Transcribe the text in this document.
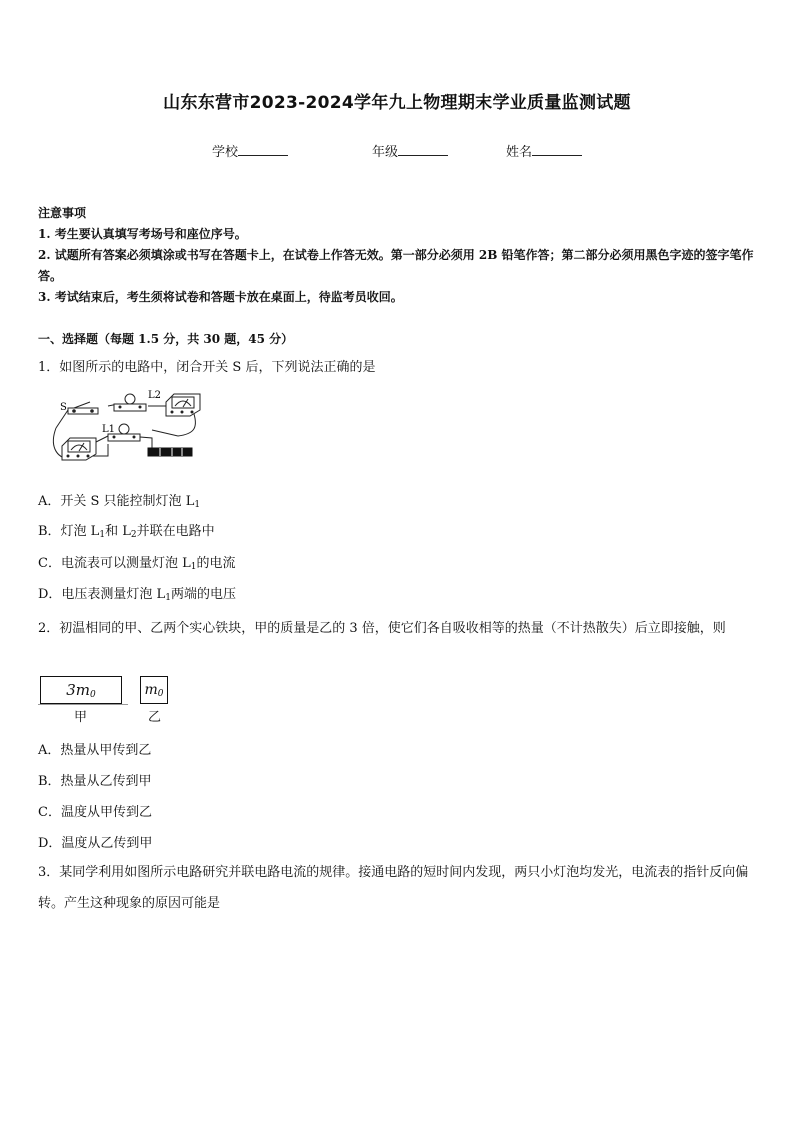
山东东营市2023-2024学年九上物理期末学业质量监测试题
学校	年级	姓名
注意事项
1. 考生要认真填写考场号和座位序号。
2. 试题所有答案必须填涂或书写在答题卡上，在试卷上作答无效。第一部分必须用 2B 铅笔作答；第二部分必须用黑色字迹的签字笔作答。
3. 考试结束后，考生须将试卷和答题卡放在桌面上，待监考员收回。
一、选择题（每题 1.5 分，共 30 题，45 分）
1．如图所示的电路中，闭合开关 S 后，下列说法正确的是
S
L2
L1
A．开关 S 只能控制灯泡 $L_1$
B．灯泡 $L_1$和 $L_2$并联在电路中
C．电流表可以测量灯泡 $L_1$的电流
D．电压表测量灯泡 $L_1$两端的电压
2．初温相同的甲、乙两个实心铁块，甲的质量是乙的 3 倍，使它们各自吸收相等的热量（不计热散失）后立即接触，则
$3m_0$	$m_0$
甲	乙
A．热量从甲传到乙
B．热量从乙传到甲
C．温度从甲传到乙
D．温度从乙传到甲
3．某同学利用如图所示电路研究并联电路电流的规律。接通电路的短时间内发现，两只小灯泡均发光，电流表的指针反向偏转。产生这种现象的原因可能是
